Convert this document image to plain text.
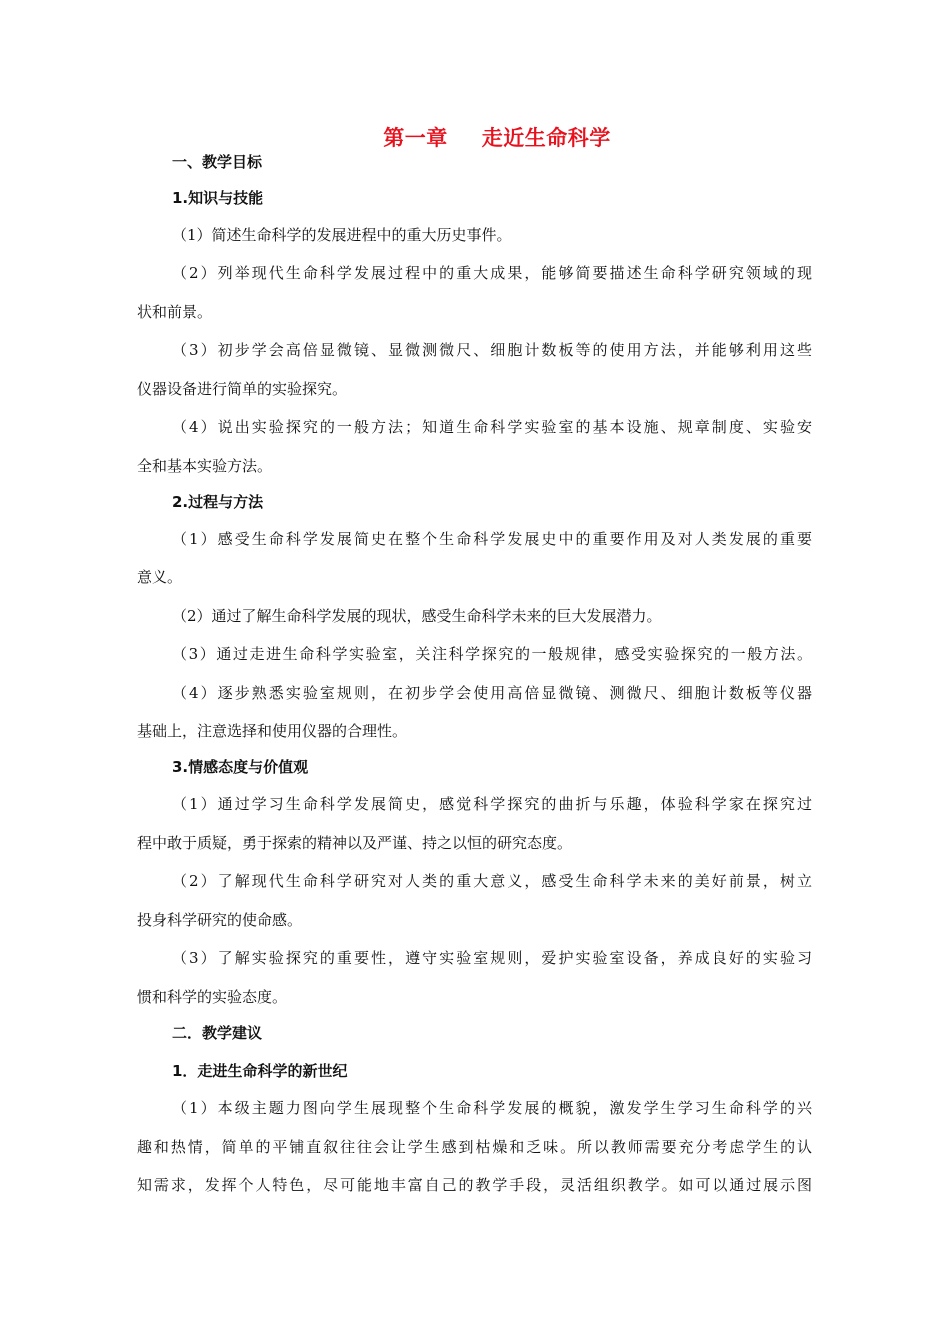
第一章 走近生命科学
一、教学目标
1.知识与技能
（1）简述生命科学的发展进程中的重大历史事件。
（2）列举现代生命科学发展过程中的重大成果，能够简要描述生命科学研究领域的现
状和前景。
（3）初步学会高倍显微镜、显微测微尺、细胞计数板等的使用方法，并能够利用这些
仪器设备进行简单的实验探究。
（4）说出实验探究的一般方法；知道生命科学实验室的基本设施、规章制度、实验安
全和基本实验方法。
2.过程与方法
（1）感受生命科学发展简史在整个生命科学发展史中的重要作用及对人类发展的重要
意义。
（2）通过了解生命科学发展的现状，感受生命科学未来的巨大发展潜力。
（3）通过走进生命科学实验室，关注科学探究的一般规律，感受实验探究的一般方法。
（4）逐步熟悉实验室规则，在初步学会使用高倍显微镜、测微尺、细胞计数板等仪器
基础上，注意选择和使用仪器的合理性。
3.情感态度与价值观
（1）通过学习生命科学发展简史，感觉科学探究的曲折与乐趣，体验科学家在探究过
程中敢于质疑，勇于探索的精神以及严谨、持之以恒的研究态度。
（2）了解现代生命科学研究对人类的重大意义，感受生命科学未来的美好前景，树立
投身科学研究的使命感。
（3）了解实验探究的重要性，遵守实验室规则，爱护实验室设备，养成良好的实验习
惯和科学的实验态度。
二．教学建议
1．走进生命科学的新世纪
（1）本级主题力图向学生展现整个生命科学发展的概貌，激发学生学习生命科学的兴
趣和热情，简单的平铺直叙往往会让学生感到枯燥和乏味。所以教师需要充分考虑学生的认
知需求，发挥个人特色，尽可能地丰富自己的教学手段，灵活组织教学。如可以通过展示图
